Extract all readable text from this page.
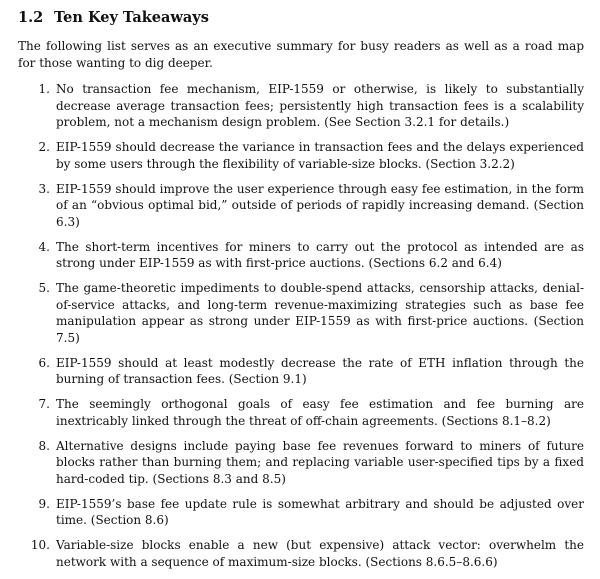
1.2 Ten Key Takeaways

The following list serves as an executive summary for busy readers as well as a road map for those wanting to dig deeper.

1. No transaction fee mechanism, EIP-1559 or otherwise, is likely to substantially decrease average transaction fees; persistently high transaction fees is a scalability problem, not a mechanism design problem. (See Section 3.2.1 for details.)
2. EIP-1559 should decrease the variance in transaction fees and the delays experienced by some users through the flexibility of variable-size blocks. (Section 3.2.2)
3. EIP-1559 should improve the user experience through easy fee estimation, in the form of an “obvious optimal bid,” outside of periods of rapidly increasing demand. (Section 6.3)
4. The short-term incentives for miners to carry out the protocol as intended are as strong under EIP-1559 as with first-price auctions. (Sections 6.2 and 6.4)
5. The game-theoretic impediments to double-spend attacks, censorship attacks, denial-of-service attacks, and long-term revenue-maximizing strategies such as base fee manipulation appear as strong under EIP-1559 as with first-price auctions. (Section 7.5)
6. EIP-1559 should at least modestly decrease the rate of ETH inflation through the burning of transaction fees. (Section 9.1)
7. The seemingly orthogonal goals of easy fee estimation and fee burning are inextricably linked through the threat of off-chain agreements. (Sections 8.1–8.2)
8. Alternative designs include paying base fee revenues forward to miners of future blocks rather than burning them; and replacing variable user-specified tips by a fixed hard-coded tip. (Sections 8.3 and 8.5)
9. EIP-1559’s base fee update rule is somewhat arbitrary and should be adjusted over time. (Section 8.6)
10. Variable-size blocks enable a new (but expensive) attack vector: overwhelm the network with a sequence of maximum-size blocks. (Sections 8.6.5–8.6.6)
